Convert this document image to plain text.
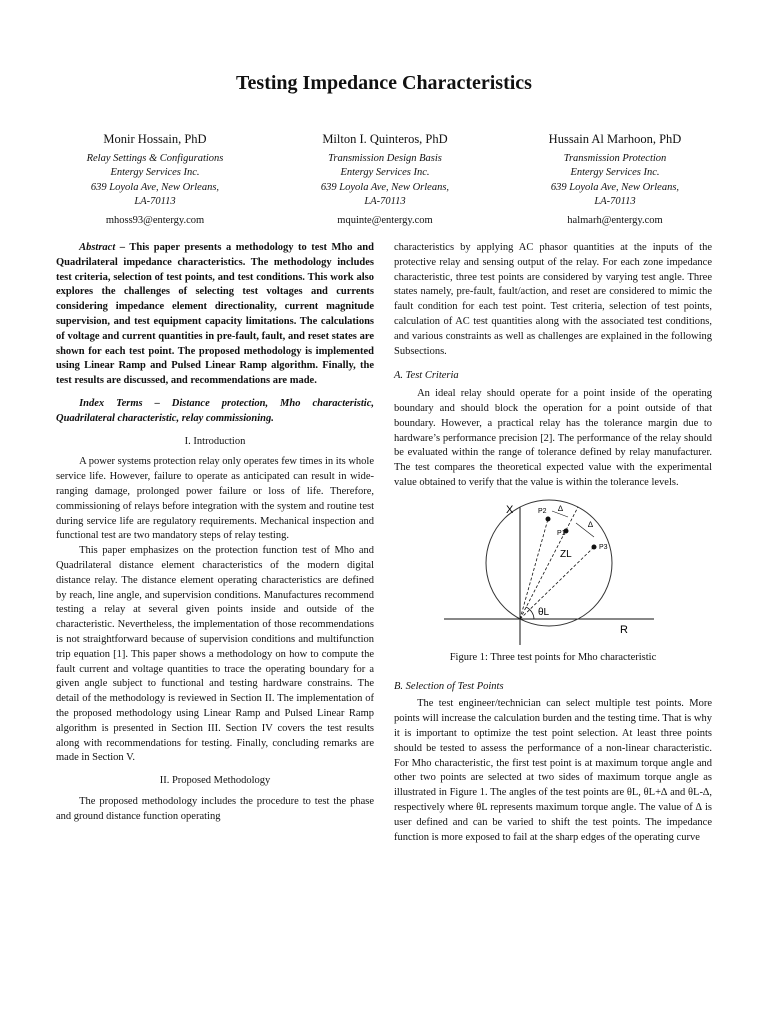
Testing Impedance Characteristics
Monir Hossain, PhD
Relay Settings & Configurations
Entergy Services Inc.
639 Loyola Ave, New Orleans,
LA-70113
mhoss93@entergy.com
Milton I. Quinteros, PhD
Transmission Design Basis
Entergy Services Inc.
639 Loyola Ave, New Orleans,
LA-70113
mquinte@entergy.com
Hussain Al Marhoon, PhD
Transmission Protection
Entergy Services Inc.
639 Loyola Ave, New Orleans,
LA-70113
halmarh@entergy.com

Abstract – This paper presents a methodology to test Mho and Quadrilateral impedance characteristics. The methodology includes test criteria, selection of test points, and test conditions. This work also explores the challenges of selecting test voltages and currents considering impedance element directionality, current magnitude supervision, and test equipment capacity limitations. The calculations of voltage and current quantities in pre-fault, fault, and reset states are shown for each test point. The proposed methodology is implemented using Linear Ramp and Pulsed Linear Ramp algorithm. Finally, the test results are discussed, and recommendations are made.

Index Terms – Distance protection, Mho characteristic, Quadrilateral characteristic, relay commissioning.

I. Introduction

A power systems protection relay only operates few times in its whole service life. However, failure to operate as anticipated can result in wide-ranging damage, prolonged power failure or loss of life. Therefore, commissioning of relays before integration with the system and routine test during service life are regulatory requirements. Mechanical inspection and functional test are two mandatory steps of relay testing.

This paper emphasizes on the protection function test of Mho and Quadrilateral distance element characteristics of the modern digital distance relay. The distance element operating characteristics are defined by reach, line angle, and supervision conditions. Manufactures recommend testing a relay at several given points inside and outside of the characteristic. Nevertheless, the implementation of those recommendations is not straightforward because of supervision conditions and multifunction trip equation [1]. This paper shows a methodology on how to compute the fault current and voltage quantities to trace the operating boundary for a given angle subject to functional and testing hardware constrains. The detail of the methodology is reviewed in Section II. The implementation of the proposed methodology using Linear Ramp and Pulsed Linear Ramp algorithm is presented in Section III. Section IV covers the test results along with recommendations for testing. Finally, concluding remarks are made in Section V.

II. Proposed Methodology

The proposed methodology includes the procedure to test the phase and ground distance function operating

characteristics by applying AC phasor quantities at the inputs of the protective relay and sensing output of the relay. For each zone impedance characteristic, three test points are considered by varying test angle. Three states namely, pre-fault, fault/action, and reset are considered to mimic the fault condition for each test point. Test criteria, selection of test points, calculation of AC test quantities along with the associated test conditions, and various constraints as well as challenges are explained in the following Subsections.

A. Test Criteria

An ideal relay should operate for a point inside of the operating boundary and should block the operation for a point outside of that boundary. However, a practical relay has the tolerance margin due to hardware’s performance precision [2]. The performance of the relay should be evaluated within the range of tolerance defined by relay manufacturer. The test compares the theoretical expected value with the experimental value obtained to verify that the value is within the tolerance levels.

X
R
ZL
θL
P2
P1
P3
∆
∆
Figure 1: Three test points for Mho characteristic
B. Selection of Test Points

The test engineer/technician can select multiple test points. More points will increase the calculation burden and the testing time. That is why it is important to optimize the test point selection. At least three points should be tested to assess the performance of a non-linear characteristic. For Mho characteristic, the first test point is at maximum torque angle and other two points are selected at two sides of maximum torque angle as illustrated in Figure 1. The angles of the test points are θL, θL+∆ and θL-∆, respectively where θL represents maximum torque angle. The value of ∆ is user defined and can be varied to shift the test points. The impedance function is more exposed to fail at the sharp edges of the operating curve
